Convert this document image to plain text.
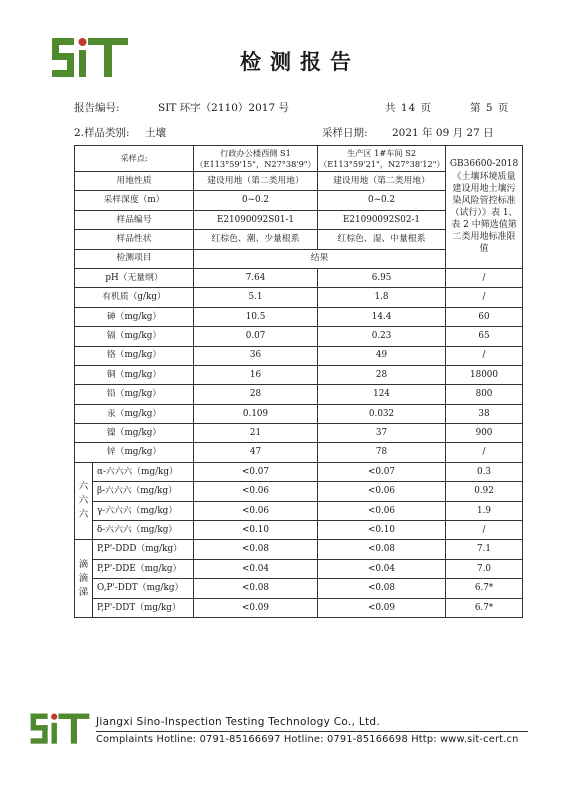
检测报告
报告编号:	SIT 环字（2110）2017 号	共 14 页	第 5 页
2.样品类别: 土壤	采样日期: 2021 年 09 月 27 日
采样点:		行政办公楼西侧 S1
（E113°59'15"，N27°38'9"）	生产区 1#车间 S2
（E113°59'21"，N27°38'12"）	GB36600-2018《土壤环境质量 建设用地土壤污染风险管控标准（试行）》表 1、表 2 中筛选值第二类用地标准限值
用地性质		建设用地（第二类用地）	建设用地（第二类用地）	
采样深度（m）		0~0.2	0~0.2	
样品编号		E21090092S01-1	E21090092S02-1	
样品性状		红棕色、潮、少量根系	红棕色、湿、中量根系	
检测项目		结果		
pH（无量纲）		7.64	6.95	/
有机质（g/kg）		5.1	1.8	/
砷（mg/kg）		10.5	14.4	60
镉（mg/kg）		0.07	0.23	65
铬（mg/kg）		36	49	/
铜（mg/kg）		16	28	18000
铅（mg/kg）		28	124	800
汞（mg/kg）		0.109	0.032	38
镍（mg/kg）		21	37	900
锌（mg/kg）		47	78	/
六
六
六	α-六六六（mg/kg）	<0.07	<0.07	0.3
	β-六六六（mg/kg）	<0.06	<0.06	0.92
	γ-六六六（mg/kg）	<0.06	<0.06	1.9
	δ-六六六（mg/kg）	<0.10	<0.10	/
滴
滴
涕	P,P'-DDD（mg/kg）	<0.08	<0.08	7.1
	P,P'-DDE（mg/kg）	<0.04	<0.04	7.0
	O,P'-DDT（mg/kg）	<0.08	<0.08	6.7*
	P,P'-DDT（mg/kg）	<0.09	<0.09	6.7*
Jiangxi Sino-Inspection Testing Technology Co., Ltd.
Complaints Hotline: 0791-85166697 Hotline: 0791-85166698 Http: www.sit-cert.cn
